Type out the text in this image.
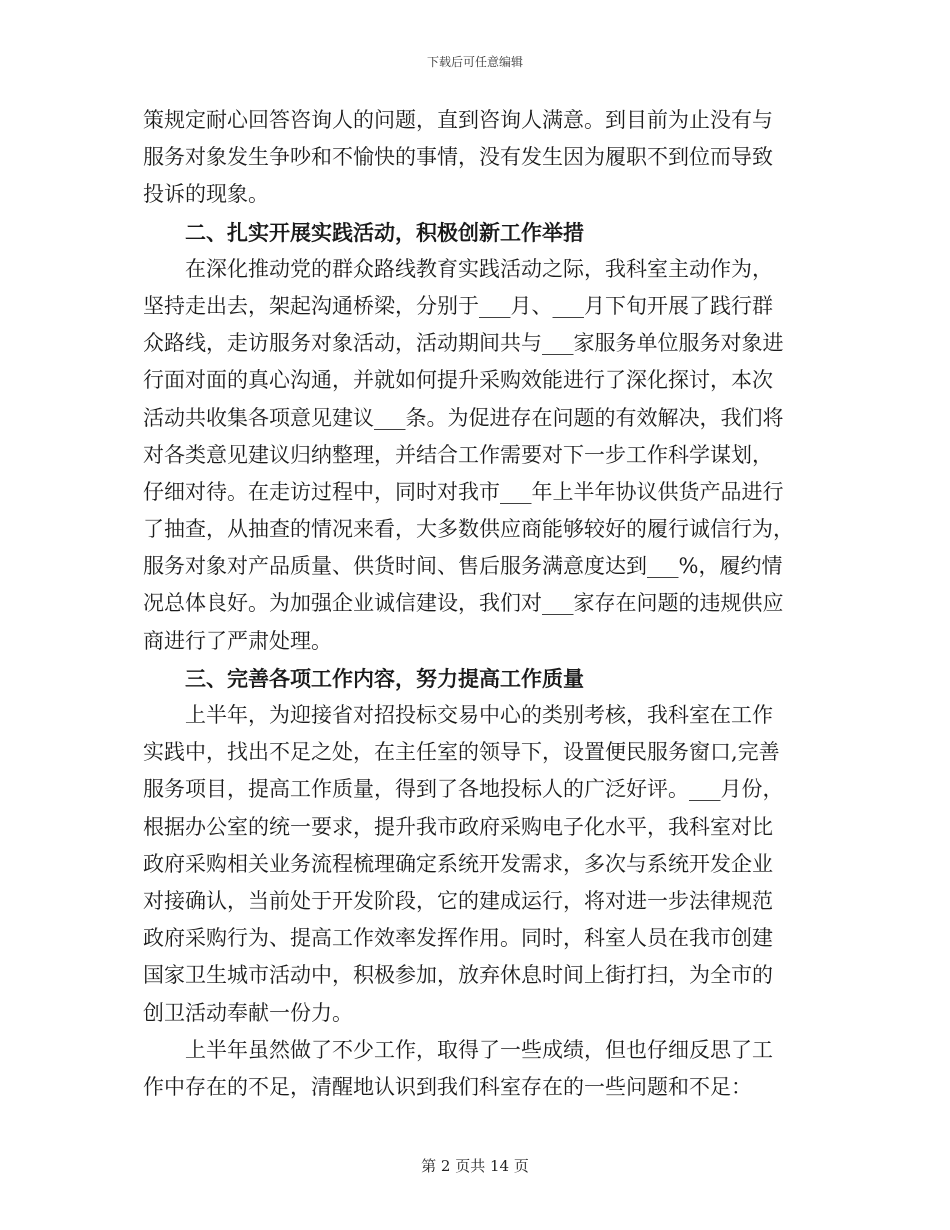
下载后可任意编辑
策规定耐心回答咨询人的问题，直到咨询人满意。到目前为止没有与
服务对象发生争吵和不愉快的事情，没有发生因为履职不到位而导致
投诉的现象。
二、扎实开展实践活动，积极创新工作举措
在深化推动党的群众路线教育实践活动之际，我科室主动作为，
坚持走出去，架起沟通桥梁，分别于___月、___月下旬开展了践行群
众路线，走访服务对象活动，活动期间共与___家服务单位服务对象进
行面对面的真心沟通，并就如何提升采购效能进行了深化探讨，本次
活动共收集各项意见建议___条。为促进存在问题的有效解决，我们将
对各类意见建议归纳整理，并结合工作需要对下一步工作科学谋划，
仔细对待。在走访过程中，同时对我市___年上半年协议供货产品进行
了抽查，从抽查的情况来看，大多数供应商能够较好的履行诚信行为，
服务对象对产品质量、供货时间、售后服务满意度达到___%，履约情
况总体良好。为加强企业诚信建设，我们对___家存在问题的违规供应
商进行了严肃处理。
三、完善各项工作内容，努力提高工作质量
上半年，为迎接省对招投标交易中心的类别考核，我科室在工作
实践中，找出不足之处，在主任室的领导下，设置便民服务窗口,完善
服务项目，提高工作质量，得到了各地投标人的广泛好评。___月份，
根据办公室的统一要求，提升我市政府采购电子化水平，我科室对比
政府采购相关业务流程梳理确定系统开发需求，多次与系统开发企业
对接确认，当前处于开发阶段，它的建成运行，将对进一步法律规范
政府采购行为、提高工作效率发挥作用。同时，科室人员在我市创建
国家卫生城市活动中，积极参加，放弃休息时间上街打扫，为全市的
创卫活动奉献一份力。
上半年虽然做了不少工作，取得了一些成绩，但也仔细反思了工
作中存在的不足，清醒地认识到我们科室存在的一些问题和不足：
第 2 页共 14 页
